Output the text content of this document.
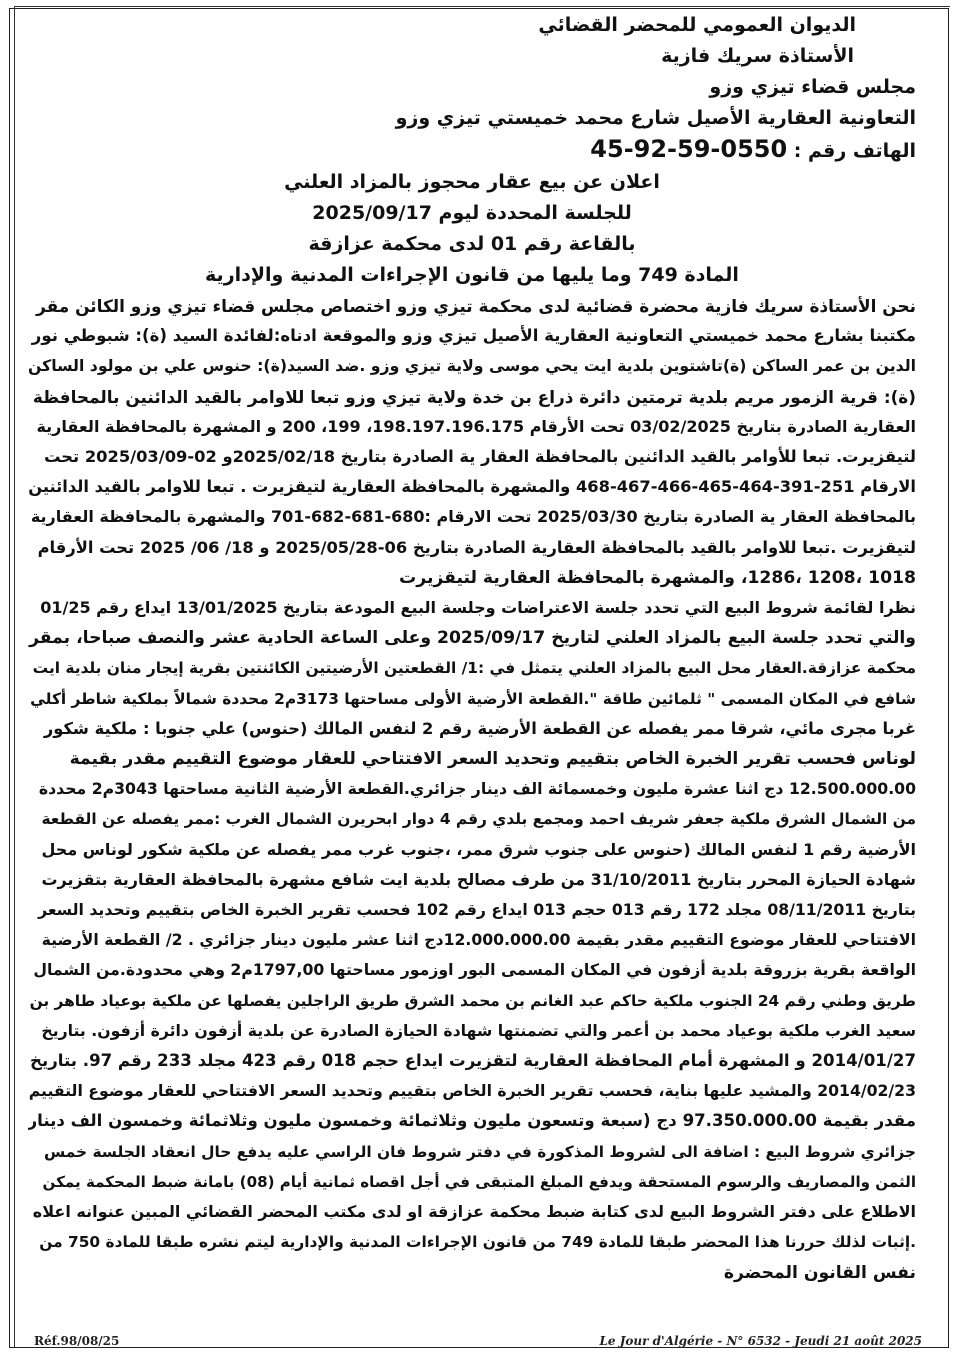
الديوان العمومي للمحضر القضائي
الأستاذة سريك فازية
مجلس قضاء تيزي وزو
التعاونية العقارية الأصيل شارع محمد خميستي تيزي وزو
الهاتف رقم : 45-92-59-0550
اعلان عن بيع عقار محجوز بالمزاد العلني
للجلسة المحددة ليوم 2025/09/17
بالقاعة رقم 01 لدى محكمة عزازقة
المادة 749 وما يليها من قانون الإجراءات المدنية والإدارية
نحن الأستاذة سريك فازية محضرة قضائية لدى محكمة تيزي وزو اختصاص مجلس قضاء تيزي وزو الكائن مقر
مكتبنا بشارع محمد خميستي التعاونية العقارية الأصيل تيزي وزو والموقعة ادناه:لفائدة السيد (ة): شبوطي نور
الدين بن عمر الساكن (ة)تاشتوين بلدية ايت يحي موسى ولاية تيزي وزو .ضد السيد(ة): حنوس علي بن مولود الساكن
(ة): قرية الزمور مريم بلدية ترمتين دائرة ذراع بن خدة ولاية تيزي وزو تبعا للاوامر بالقيد الدائنين بالمحافظة
العقارية الصادرة بتاريخ 03/02/2025 تحت الأرقام 198.197.196.175، 199، 200 و المشهرة بالمحافظة العقارية
لتيقزيرت. تبعا للأوامر بالقيد الدائنين بالمحافظة العقار ية الصادرة بتاريخ 2025/02/18و 02-2025/03/09 تحت
الارقام 251-391-464-465-466-467-468 والمشهرة بالمحافظة العقارية لتيقزيرت . تبعا للاوامر بالقيد الدائنين
بالمحافظة العقار ية الصادرة بتاريخ 2025/03/30 تحت الارقام :680-681-682-701 والمشهرة بالمحافظة العقارية
لتيقزيرت .تبعا للاوامر بالقيد بالمحافظة العقارية الصادرة بتاريخ 06-2025/05/28 و 18/ 06/ 2025 تحت الأرقام
1018 ،1208 ،1286، والمشهرة بالمحافظة العقارية لتيقزيرت
نظرا لقائمة شروط البيع التي تحدد جلسة الاعتراضات وجلسة البيع المودعة بتاريخ 13/01/2025 ايداع رقم 01/25
والتي تحدد جلسة البيع بالمزاد العلني لتاريخ 2025/09/17 وعلى الساعة الحادية عشر والنصف صباحا، بمقر
محكمة عزازقة.العقار محل البيع بالمزاد العلني يتمثل في :1/ القطعتين الأرضيتين الكائنتين بقرية إيجار منان بلدية ايت
شافع في المكان المسمى " ثلمائين طاقة ".القطعة الأرضية الأولى مساحتها 3173م2 محددة شمالاً بملكية شاطر أكلي
غربا مجرى مائي، شرقا ممر يفصله عن القطعة الأرضية رقم 2 لنفس المالك (حنوس) علي جنوبا : ملكية شكور
لوناس فحسب تقرير الخبرة الخاص بتقييم وتحديد السعر الافتتاحي للعقار موضوع التقييم مقدر بقيمة
12.500.000.00 دج اثنا عشرة مليون وخمسمائة الف دينار جزائري.القطعة الأرضية الثانية مساحتها 3043م2 محددة
من الشمال الشرق ملكية جعفر شريف احمد ومجمع بلدي رقم 4 دوار ابحريرن الشمال الغرب :ممر يفصله عن القطعة
الأرضية رقم 1 لنفس المالك (حنوس على جنوب شرق ممر، ،جنوب غرب ممر يفصله عن ملكية شكور لوناس محل
شهادة الحيازة المحرر بتاريخ 31/10/2011 من طرف مصالح بلدية ايت شافع مشهرة بالمحافظة العقارية بتقزيرت
بتاريخ 08/11/2011 مجلد 172 رقم 013 حجم 013 ايداع رقم 102 فحسب تقرير الخبرة الخاص بتقييم وتحديد السعر
الافتتاحي للعقار موضوع التقييم مقدر بقيمة 12.000.000.00دج اثنا عشر مليون دينار جزائري . 2/ القطعة الأرضية
الواقعة بقرية بزروقة بلدية أزفون في المكان المسمى البور اوزمور مساحتها 1797,00م2 وهي محدودة.من الشمال
طريق وطني رقم 24 الجنوب ملكية حاكم عبد الغانم بن محمد الشرق طريق الراجلين يفصلها عن ملكية بوعياد طاهر بن
سعيد الغرب ملكية بوعياد محمد بن أعمر والتي تضمنتها شهادة الحيازة الصادرة عن بلدية أزفون دائرة أزفون. بتاريخ
2014/01/27 و المشهرة أمام المحافظة العقارية لتقزيرت ايداع حجم 018 رقم 423 مجلد 233 رقم 97. بتاريخ
2014/02/23 والمشيد عليها بناية، فحسب تقرير الخبرة الخاص بتقييم وتحديد السعر الافتتاحي للعقار موضوع التقييم
مقدر بقيمة 97.350.000.00 دج (سبعة وتسعون مليون وثلاثمائة وخمسون مليون وثلاثمائة وخمسون الف دينار
جزائري شروط البيع : اضافة الى لشروط المذكورة في دفتر شروط فان الراسي عليه يدفع حال انعقاد الجلسة خمس
الثمن والمصاريف والرسوم المستحقة ويدفع المبلغ المتبقى في أجل اقصاه ثمانية أيام (08) بامانة ضبط المحكمة يمكن
الاطلاع على دفتر الشروط البيع لدى كتابة ضبط محكمة عزازقة او لدى مكتب المحضر القضائي المبين عنوانه اعلاه
.إثبات لذلك حررنا هذا المحضر طبقا للمادة 749 من قانون الإجراءات المدنية والإدارية ليتم نشره طبقا للمادة 750 من
نفس القانون المحضرة
Réf.98/08/25	Le Jour d'Algérie - N° 6532 - Jeudi 21 août 2025
